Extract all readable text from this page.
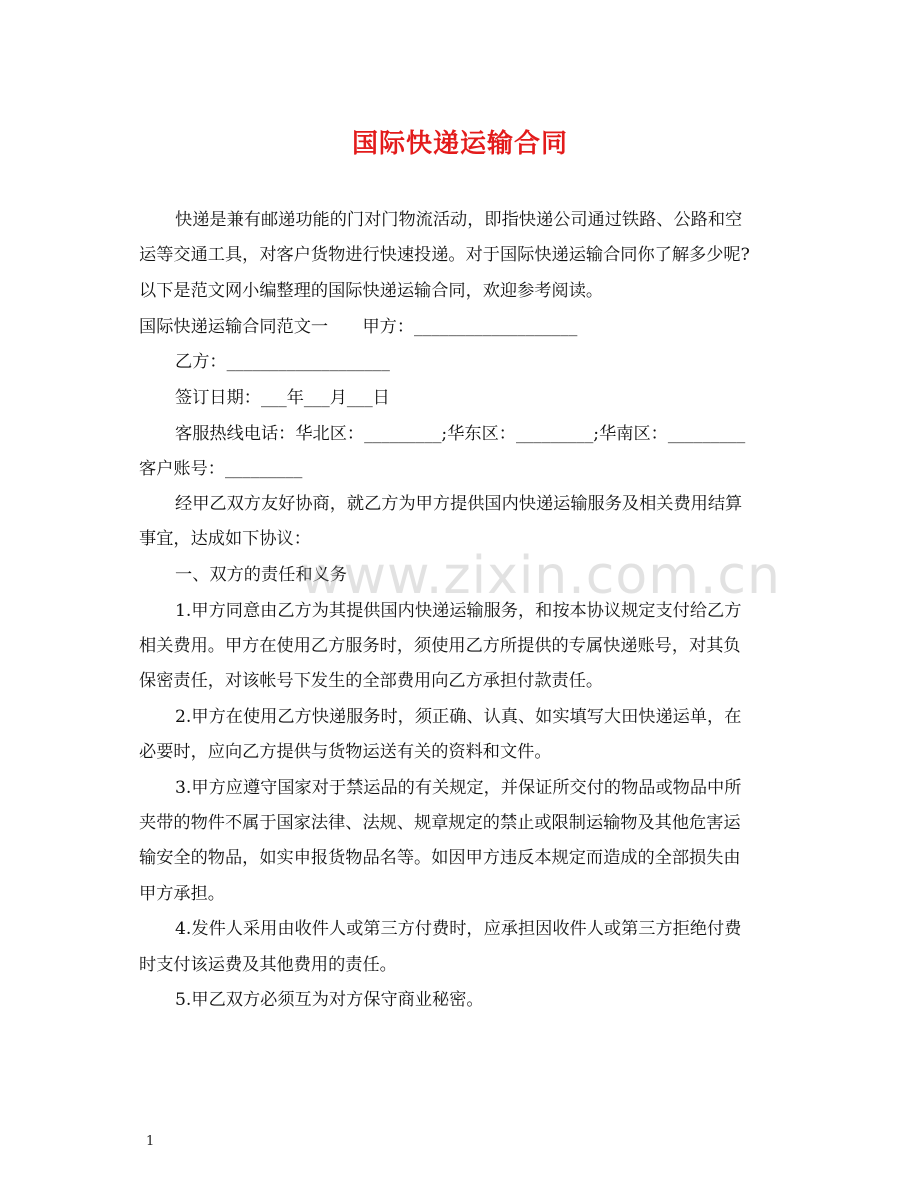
国际快递运输合同
快递是兼有邮递功能的门对门物流活动，即指快递公司通过铁路、公路和空
运等交通工具，对客户货物进行快速投递。对于国际快递运输合同你了解多少呢?
以下是范文网小编整理的国际快递运输合同，欢迎参考阅读。
国际快递运输合同范文一　　甲方：___________________
乙方：___________________
签订日期：___年___月___日
客服热线电话：华北区：_________;华东区：_________;华南区：_________
客户账号：_________
经甲乙双方友好协商，就乙方为甲方提供国内快递运输服务及相关费用结算
事宜，达成如下协议：
一、双方的责任和义务
1.甲方同意由乙方为其提供国内快递运输服务，和按本协议规定支付给乙方
相关费用。甲方在使用乙方服务时，须使用乙方所提供的专属快递账号，对其负
保密责任，对该帐号下发生的全部费用向乙方承担付款责任。
2.甲方在使用乙方快递服务时，须正确、认真、如实填写大田快递运单，在
必要时，应向乙方提供与货物运送有关的资料和文件。
3.甲方应遵守国家对于禁运品的有关规定，并保证所交付的物品或物品中所
夹带的物件不属于国家法律、法规、规章规定的禁止或限制运输物及其他危害运
输安全的物品，如实申报货物品名等。如因甲方违反本规定而造成的全部损失由
甲方承担。
4.发件人采用由收件人或第三方付费时，应承担因收件人或第三方拒绝付费
时支付该运费及其他费用的责任。
5.甲乙双方必须互为对方保守商业秘密。
www.zixin.com.cn
1
